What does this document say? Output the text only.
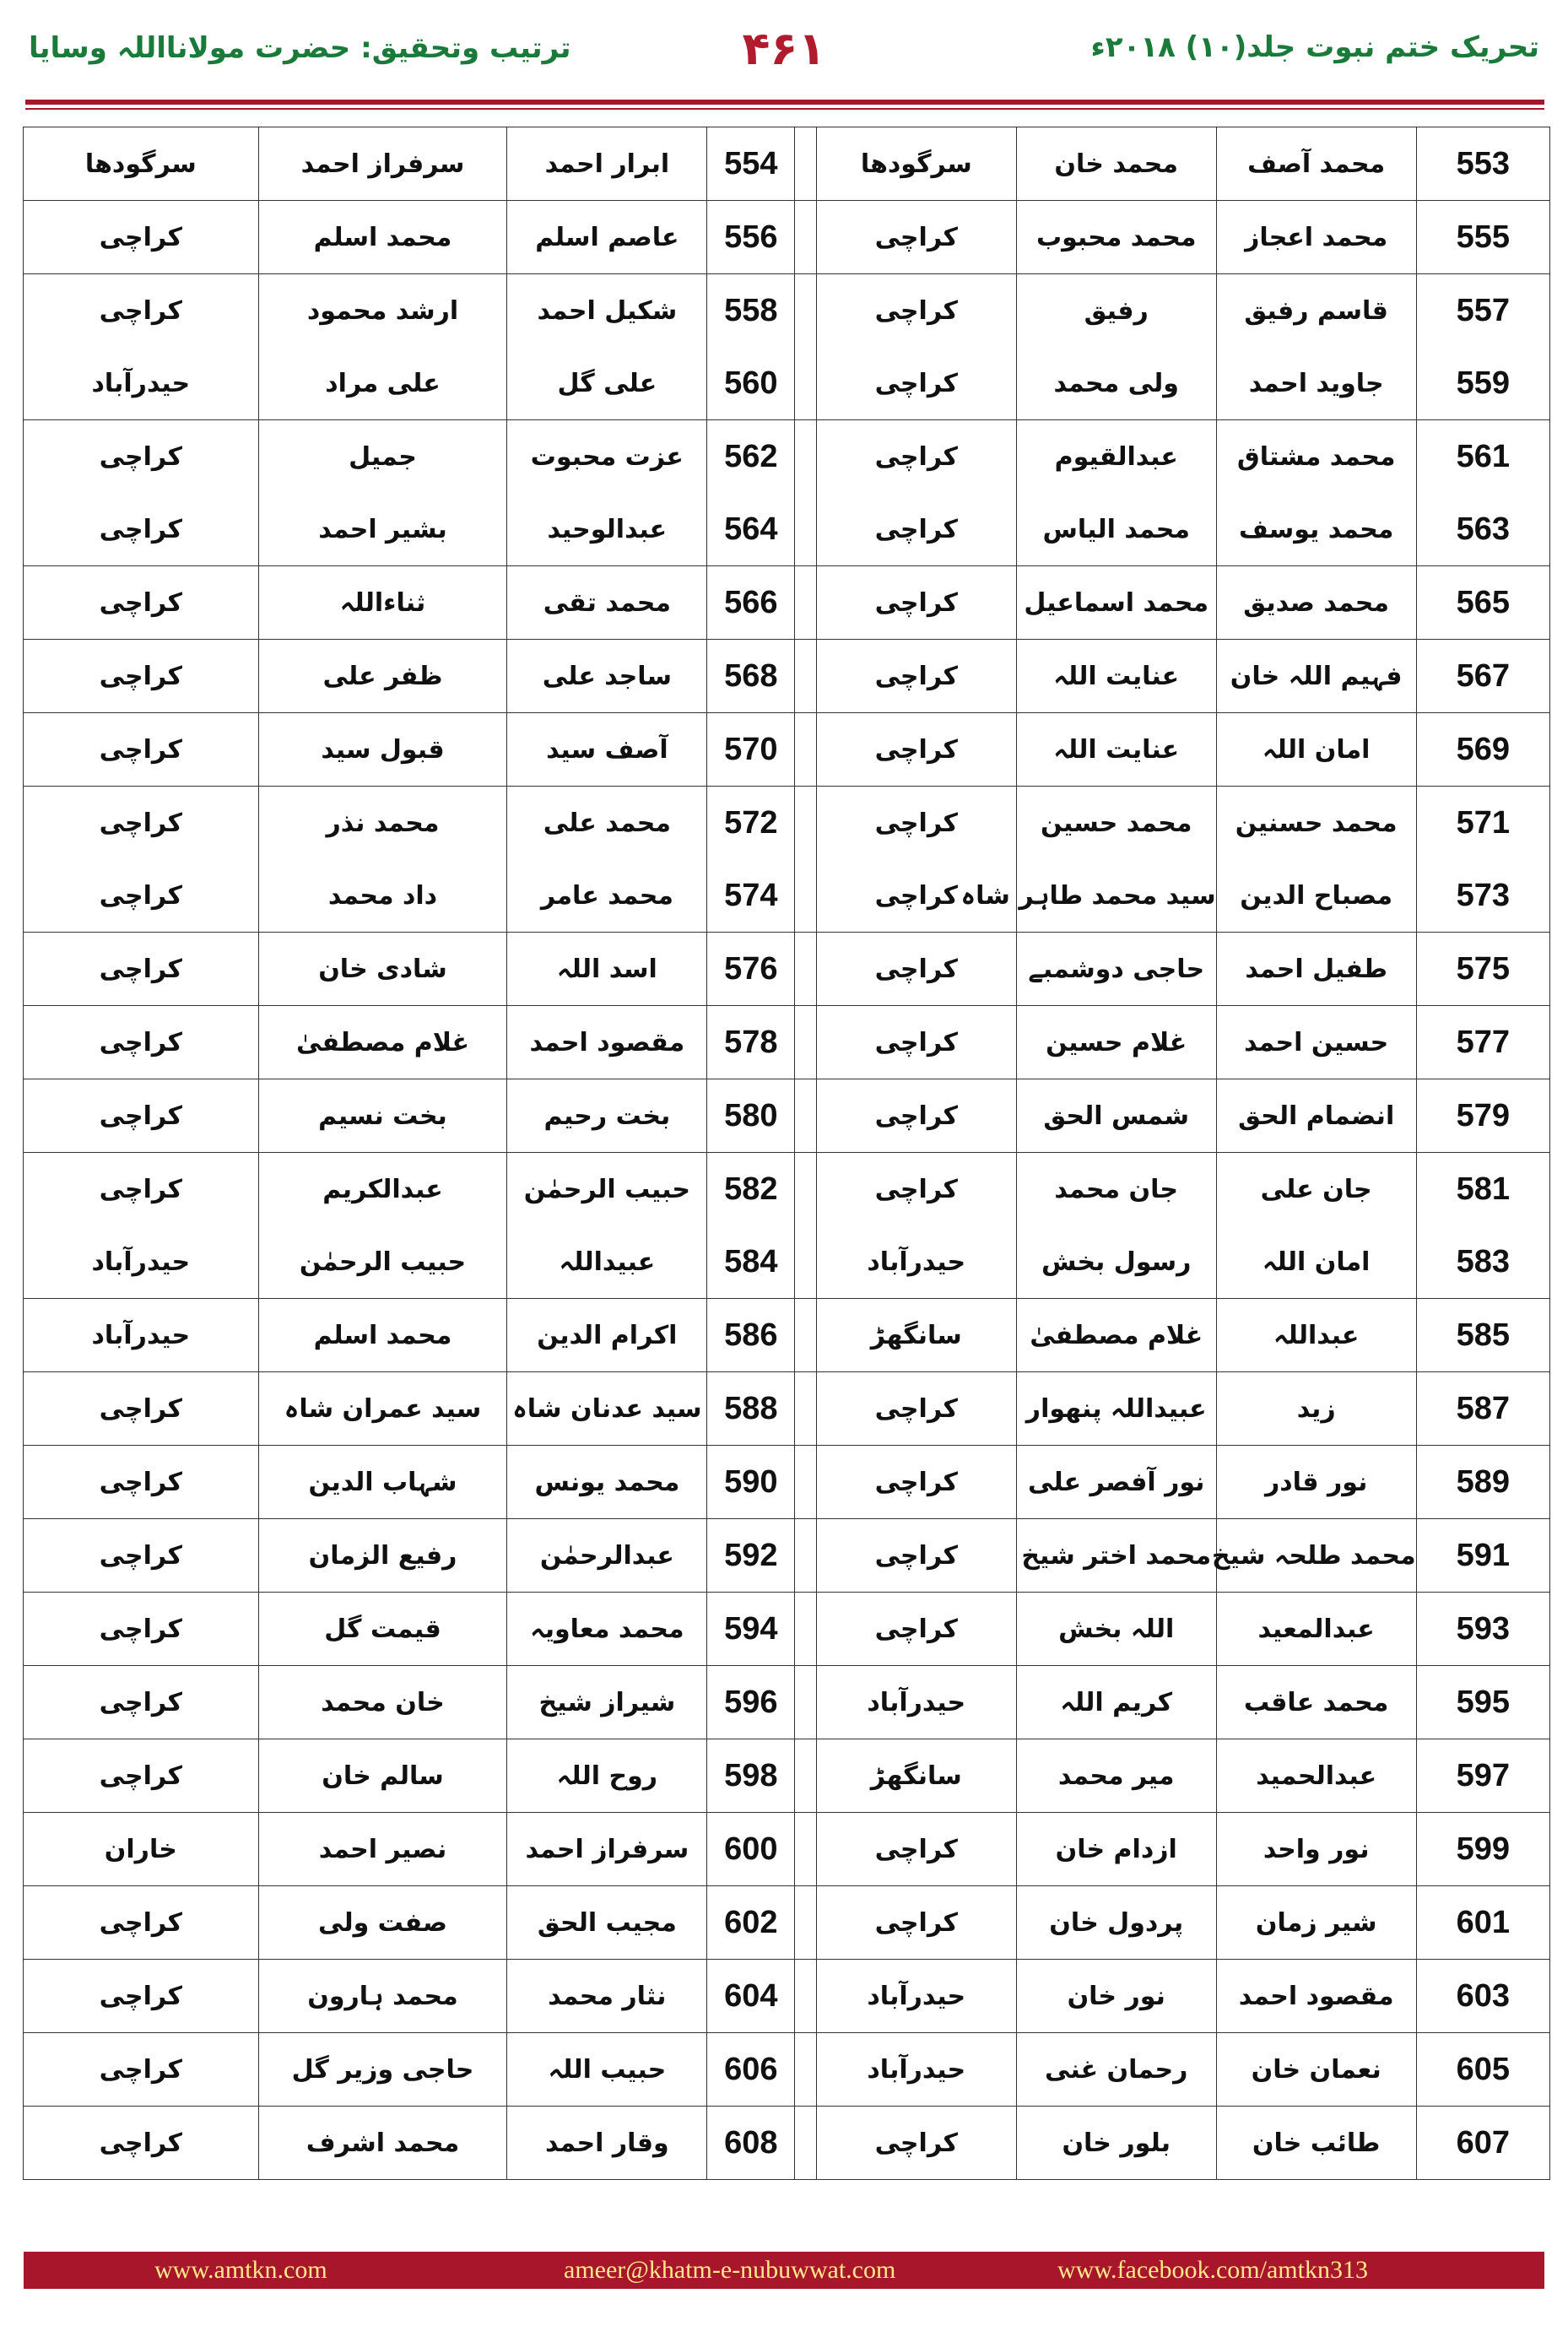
تحریک ختم نبوت جلد(۱۰) ۲۰۱۸ء
۴۶۱
ترتیب وتحقیق: حضرت مولانااللہ وسایا
553	محمد آصف	محمد خان	سرگودھا		554	ابرار احمد	سرفراز احمد	سرگودھا
555	محمد اعجاز	محمد محبوب	کراچی		556	عاصم اسلم	محمد اسلم	کراچی
557	قاسم رفیق	رفیق	کراچی		558	شکیل احمد	ارشد محمود	کراچی
559	جاوید احمد	ولی محمد	کراچی		560	علی گل	علی مراد	حیدرآباد
561	محمد مشتاق	عبدالقیوم	کراچی		562	عزت محبوت	جمیل	کراچی
563	محمد یوسف	محمد الیاس	کراچی		564	عبدالوحید	بشیر احمد	کراچی
565	محمد صدیق	محمد اسماعیل	کراچی		566	محمد تقی	ثناءاللہ	کراچی
567	فہیم اللہ خان	عنایت اللہ	کراچی		568	ساجد علی	ظفر علی	کراچی
569	امان اللہ	عنایت اللہ	کراچی		570	آصف سید	قبول سید	کراچی
571	محمد حسنین	محمد حسین	کراچی		572	محمد علی	محمد نذر	کراچی
573	مصباح الدین	سید محمد طاہر شاہ	کراچی		574	محمد عامر	داد محمد	کراچی
575	طفیل احمد	حاجی دوشمبے	کراچی		576	اسد اللہ	شادی خان	کراچی
577	حسین احمد	غلام حسین	کراچی		578	مقصود احمد	غلام مصطفیٰ	کراچی
579	انضمام الحق	شمس الحق	کراچی		580	بخت رحیم	بخت نسیم	کراچی
581	جان علی	جان محمد	کراچی		582	حبیب الرحمٰن	عبدالکریم	کراچی
583	امان اللہ	رسول بخش	حیدرآباد		584	عبیداللہ	حبیب الرحمٰن	حیدرآباد
585	عبداللہ	غلام مصطفیٰ	سانگھڑ		586	اکرام الدین	محمد اسلم	حیدرآباد
587	زید	عبیداللہ پنھوار	کراچی		588	سید عدنان شاہ	سید عمران شاہ	کراچی
589	نور قادر	نور آفصر علی	کراچی		590	محمد یونس	شہاب الدین	کراچی
591	محمد طلحہ شیخ	محمد اختر شیخ	کراچی		592	عبدالرحمٰن	رفیع الزمان	کراچی
593	عبدالمعید	اللہ بخش	کراچی		594	محمد معاویہ	قیمت گل	کراچی
595	محمد عاقب	کریم اللہ	حیدرآباد		596	شیراز شیخ	خان محمد	کراچی
597	عبدالحمید	میر محمد	سانگھڑ		598	روح اللہ	سالم خان	کراچی
599	نور واحد	ازدام خان	کراچی		600	سرفراز احمد	نصیر احمد	خاران
601	شیر زمان	پردول خان	کراچی		602	مجیب الحق	صفت ولی	کراچی
603	مقصود احمد	نور خان	حیدرآباد		604	نثار محمد	محمد ہارون	کراچی
605	نعمان خان	رحمان غنی	حیدرآباد		606	حبیب اللہ	حاجی وزیر گل	کراچی
607	طائب خان	بلور خان	کراچی		608	وقار احمد	محمد اشرف	کراچی
www.amtkn.com	ameer@khatm-e-nubuwwat.com	www.facebook.com/amtkn313
